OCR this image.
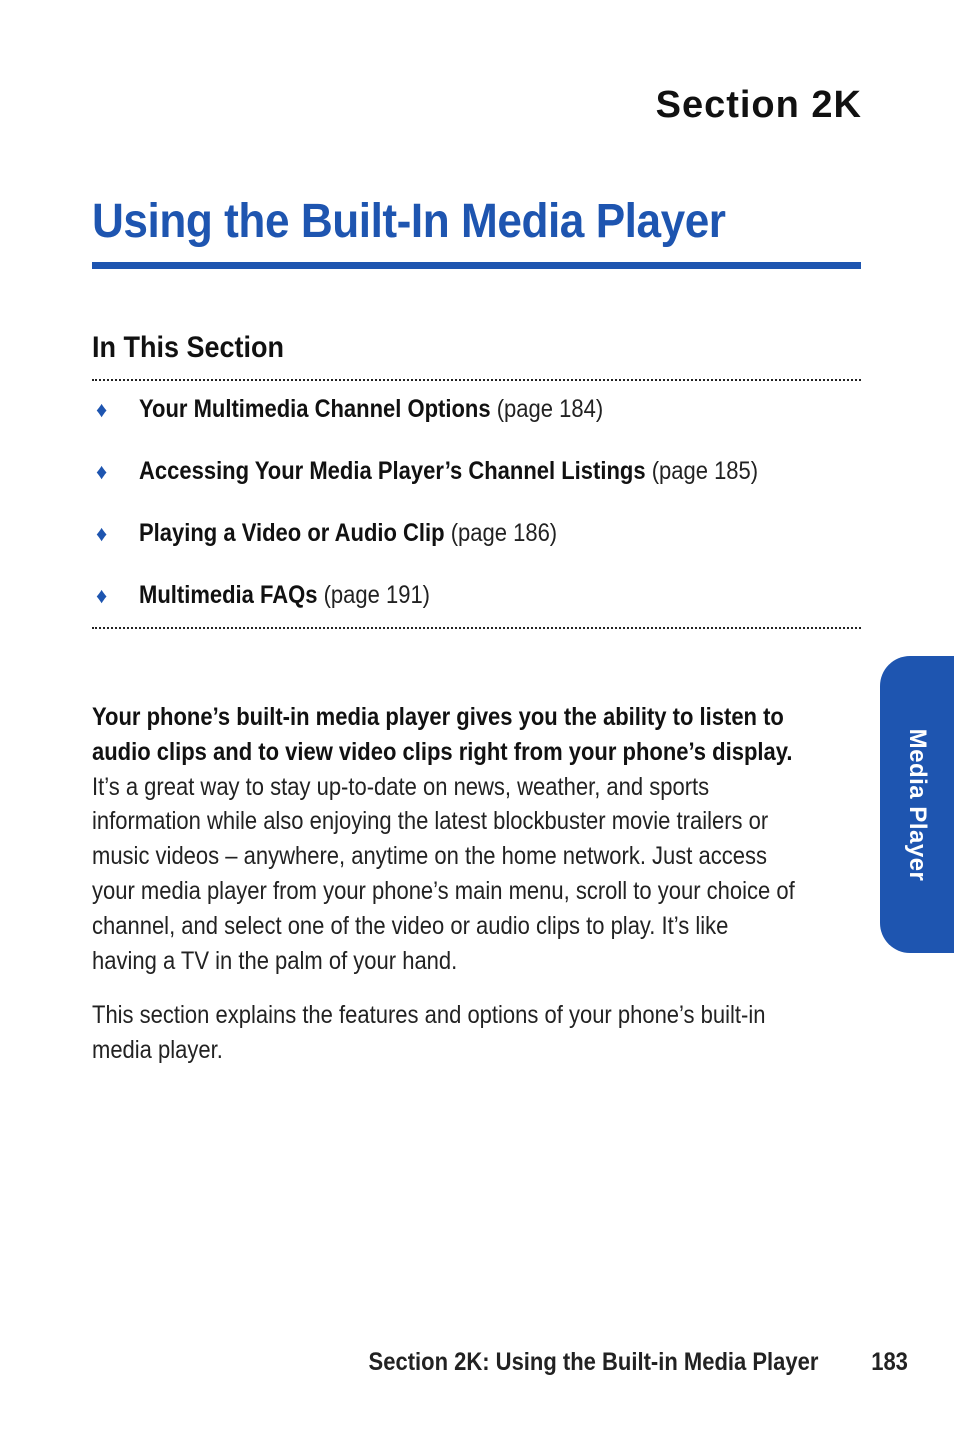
Section 2K
Using the Built-In Media Player
In This Section
♦	Your Multimedia Channel Options (page 184)
♦	Accessing Your Media Player’s Channel Listings (page 185)
♦	Playing a Video or Audio Clip (page 186)
♦	Multimedia FAQs (page 191)

Your phone’s built-in media player gives you the ability to listen to audio clips and to view video clips right from your phone’s display. It’s a great way to stay up-to-date on news, weather, and sports information while also enjoying the latest blockbuster movie trailers or music videos – anywhere, anytime on the home network. Just access your media player from your phone’s main menu, scroll to your choice of channel, and select one of the video or audio clips to play. It’s like having a TV in the palm of your hand.

This section explains the features and options of your phone’s built-in media player.

Media Player
Section 2K: Using the Built-in Media Player 183
